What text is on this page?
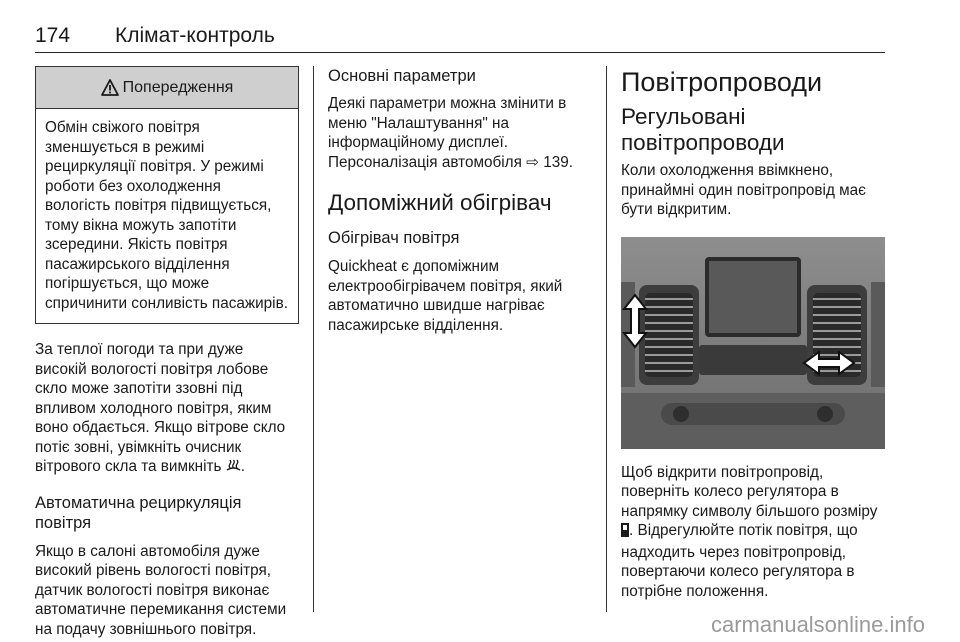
174 Клімат-контроль
Попередження

Обмін свіжого повітря зменшується в режимі рециркуляції повітря. У режимі роботи без охолодження вологість повітря підвищується, тому вікна можуть запотіти зсередини. Якість повітря пасажирського відділення погіршується, що може спричинити сонливість пасажирів.

За теплої погоди та при дуже високій вологості повітря лобове скло може запотіти ззовні під впливом холодного повітря, яким воно обдається. Якщо вітрове скло потіє зовні, увімкніть очисник вітрового скла та вимкніть .

Автоматична рециркуляція повітря

Якщо в салоні автомобіля дуже високий рівень вологості повітря, датчик вологості повітря виконає автоматичне перемикання системи на подачу зовнішнього повітря.

Основні параметри

Деякі параметри можна змінити в меню "Налаштування" на інформаційному дисплеї. Персоналізація автомобіля ⇨ 139.

Допоміжний обігрівач

Обігрівач повітря

Quickheat є допоміжним електрообігрівачем повітря, який автоматично швидше нагріває пасажирське відділення.

Повітропроводи

Регульовані повітропроводи

Коли охолодження ввімкнено, принаймні один повітропровід має бути відкритим.

Щоб відкрити повітропровід, поверніть колесо регулятора в напрямку символу більшого розміру . Відрегулюйте потік повітря, що надходить через повітропровід, повертаючи колесо регулятора в потрібне положення.

carmanualsonline.info
